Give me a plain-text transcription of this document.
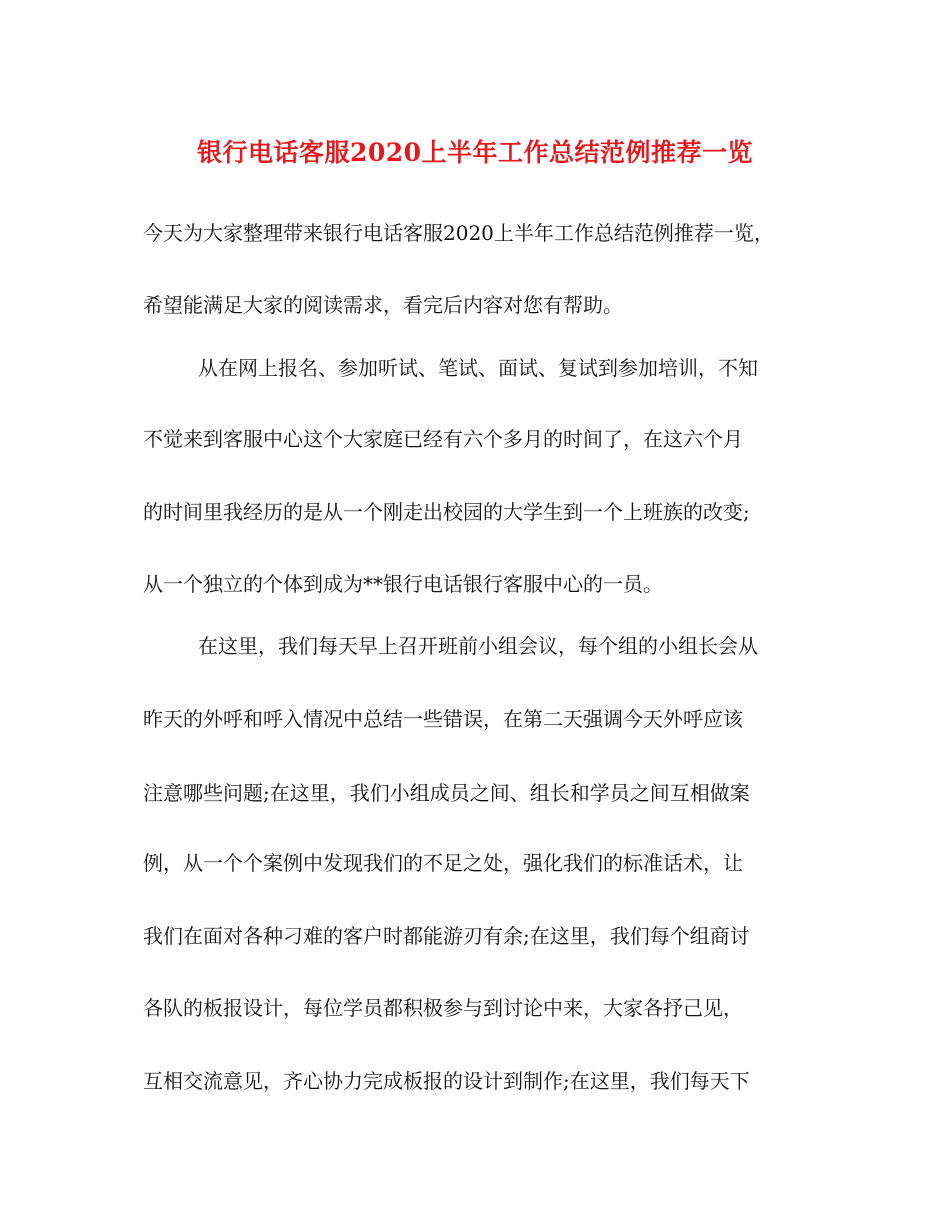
银行电话客服2020上半年工作总结范例推荐一览
今天为大家整理带来银行电话客服2020上半年工作总结范例推荐一览，
希望能满足大家的阅读需求，看完后内容对您有帮助。
从在网上报名、参加听试、笔试、面试、复试到参加培训，不知
不觉来到客服中心这个大家庭已经有六个多月的时间了，在这六个月
的时间里我经历的是从一个刚走出校园的大学生到一个上班族的改变;
从一个独立的个体到成为**银行电话银行客服中心的一员。
在这里，我们每天早上召开班前小组会议，每个组的小组长会从
昨天的外呼和呼入情况中总结一些错误，在第二天强调今天外呼应该
注意哪些问题;在这里，我们小组成员之间、组长和学员之间互相做案
例，从一个个案例中发现我们的不足之处，强化我们的标准话术，让
我们在面对各种刁难的客户时都能游刃有余;在这里，我们每个组商讨
各队的板报设计，每位学员都积极参与到讨论中来，大家各抒己见，
互相交流意见，齐心协力完成板报的设计到制作;在这里，我们每天下
